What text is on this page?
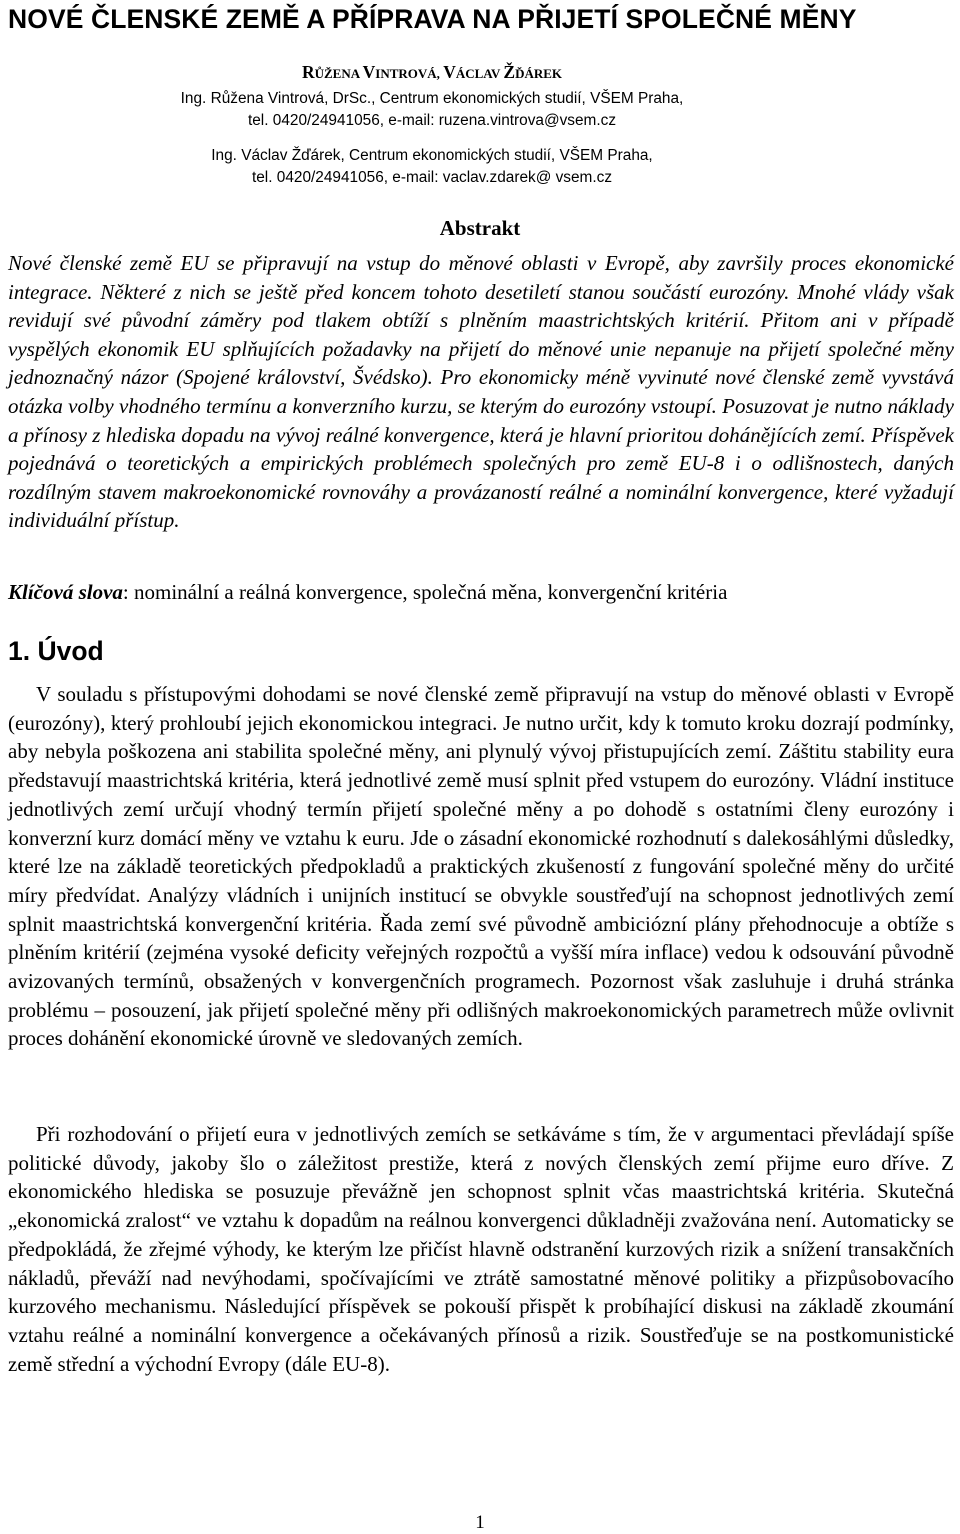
NOVÉ ČLENSKÉ ZEMĚ A PŘÍPRAVA NA PŘIJETÍ SPOLEČNÉ MĚNY
RŮŽENA VINTROVÁ, VÁCLAV ŽĎÁREK
Ing. Růžena Vintrová, DrSc., Centrum ekonomických studií, VŠEM Praha,
tel. 0420/24941056, e-mail: ruzena.vintrova@vsem.cz
Ing. Václav Žďárek, Centrum ekonomických studií, VŠEM Praha,
tel. 0420/24941056, e-mail: vaclav.zdarek@ vsem.cz
Abstrakt
Nové členské země EU se připravují na vstup do měnové oblasti v Evropě, aby završily proces ekonomické integrace. Některé z nich se ještě před koncem tohoto desetiletí stanou součástí eurozóny. Mnohé vlády však revidují své původní záměry pod tlakem obtíží s plněním maastrichtských kritérií. Přitom ani v případě vyspělých ekonomik EU splňujících požadavky na přijetí do měnové unie nepanuje na přijetí společné měny jednoznačný názor (Spojené království, Švédsko). Pro ekonomicky méně vyvinuté nové členské země vyvstává otázka volby vhodného termínu a konverzního kurzu, se kterým do eurozóny vstoupí. Posuzovat je nutno náklady a přínosy z hlediska dopadu na vývoj reálné konvergence, která je hlavní prioritou dohánějících zemí. Příspěvek pojednává o teoretických a empirických problémech společných pro země EU-8 i o odlišnostech, daných rozdílným stavem makroekonomické rovnováhy a provázaností reálné a nominální konvergence, které vyžadují individuální přístup.
Klíčová slova: nominální a reálná konvergence, společná měna, konvergenční kritéria
1. Úvod

V souladu s přístupovými dohodami se nové členské země připravují na vstup do měnové oblasti v Evropě (eurozóny), který prohloubí jejich ekonomickou integraci. Je nutno určit, kdy k tomuto kroku dozrají podmínky, aby nebyla poškozena ani stabilita společné měny, ani plynulý vývoj přistupujících zemí. Záštitu stability eura představují maastrichtská kritéria, která jednotlivé země musí splnit před vstupem do eurozóny. Vládní instituce jednotlivých zemí určují vhodný termín přijetí společné měny a po dohodě s ostatními členy eurozóny i konverzní kurz domácí měny ve vztahu k euru. Jde o zásadní ekonomické rozhodnutí s dalekosáhlými důsledky, které lze na základě teoretických předpokladů a praktických zkušeností z fungování společné měny do určité míry předvídat. Analýzy vládních i unijních institucí se obvykle soustřeďují na schopnost jednotlivých zemí splnit maastrichtská konvergenční kritéria. Řada zemí své původně ambiciózní plány přehodnocuje a obtíže s plněním kritérií (zejména vysoké deficity veřejných rozpočtů a vyšší míra inflace) vedou k odsouvání původně avizovaných termínů, obsažených v konvergenčních programech. Pozornost však zasluhuje i druhá stránka problému – posouzení, jak přijetí společné měny při odlišných makroekonomických parametrech může ovlivnit proces dohánění ekonomické úrovně ve sledovaných zemích.

Při rozhodování o přijetí eura v jednotlivých zemích se setkáváme s tím, že v argumentaci převládají spíše politické důvody, jakoby šlo o záležitost prestiže, která z nových členských zemí přijme euro dříve. Z ekonomického hlediska se posuzuje převážně jen schopnost splnit včas maastrichtská kritéria. Skutečná „ekonomická zralost“ ve vztahu k dopadům na reálnou konvergenci důkladněji zvažována není. Automaticky se předpokládá, že zřejmé výhody, ke kterým lze přičíst hlavně odstranění kurzových rizik a snížení transakčních nákladů, převáží nad nevýhodami, spočívajícími ve ztrátě samostatné měnové politiky a přizpůsobovacího kurzového mechanismu. Následující příspěvek se pokouší přispět k probíhající diskusi na základě zkoumání vztahu reálné a nominální konvergence a očekávaných přínosů a rizik. Soustřeďuje se na postkomunistické země střední a východní Evropy (dále EU-8).

1
